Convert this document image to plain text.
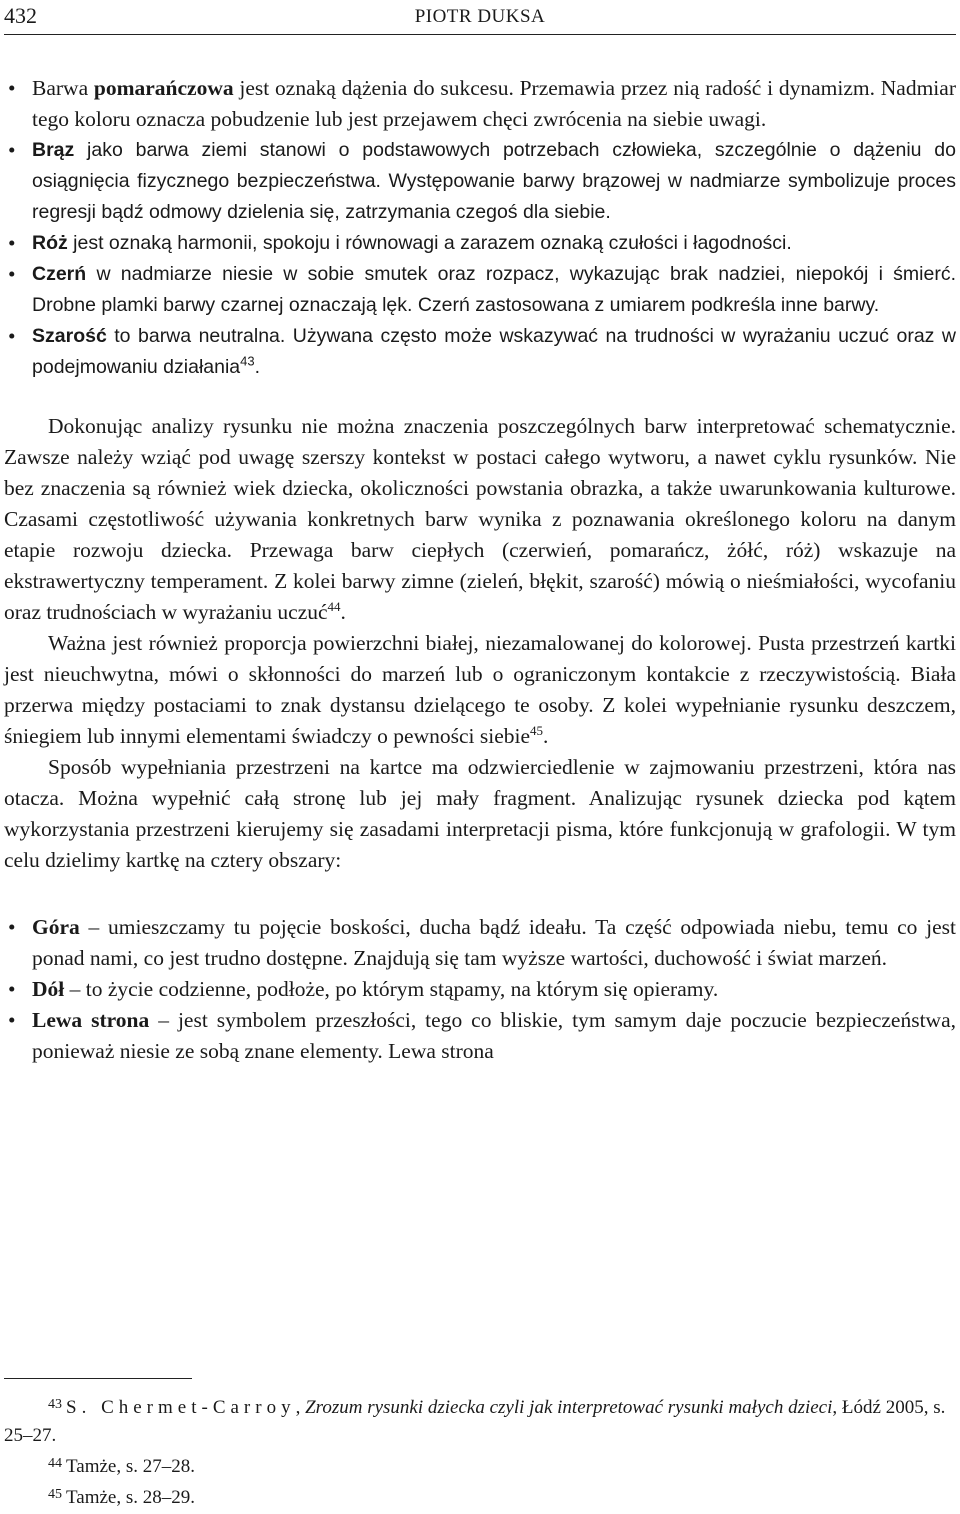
432	PIOTR DUKSA
• Barwa pomarańczowa jest oznaką dążenia do sukcesu. Przemawia przez nią radość i dynamizm. Nadmiar tego koloru oznacza pobudzenie lub jest przejawem chęci zwrócenia na siebie uwagi.
• Brąz jako barwa ziemi stanowi o podstawowych potrzebach człowieka, szczególnie o dążeniu do osiągnięcia fizycznego bezpieczeństwa. Występowanie barwy brązowej w nadmiarze symbolizuje proces regresji bądź odmowy dzielenia się, zatrzymania czegoś dla siebie.
• Róż jest oznaką harmonii, spokoju i równowagi a zarazem oznaką czułości i łagodności.
• Czerń w nadmiarze niesie w sobie smutek oraz rozpacz, wykazując brak nadziei, niepokój i śmierć. Drobne plamki barwy czarnej oznaczają lęk. Czerń zastosowana z umiarem podkreśla inne barwy.
• Szarość to barwa neutralna. Używana często może wskazywać na trudności w wyrażaniu uczuć oraz w podejmowaniu działania$^{43}$.

Dokonując analizy rysunku nie można znaczenia poszczególnych barw interpretować schematycznie. Zawsze należy wziąć pod uwagę szerszy kontekst w postaci całego wytworu, a nawet cyklu rysunków. Nie bez znaczenia są również wiek dziecka, okoliczności powstania obrazka, a także uwarunkowania kulturowe. Czasami częstotliwość używania konkretnych barw wynika z poznawania określonego koloru na danym etapie rozwoju dziecka. Przewaga barw ciepłych (czerwień, pomarańcz, żółć, róż) wskazuje na ekstrawertyczny temperament. Z kolei barwy zimne (zieleń, błękit, szarość) mówią o nieśmiałości, wycofaniu oraz trudnościach w wyrażaniu uczuć$^{44}$.

Ważna jest również proporcja powierzchni białej, niezamalowanej do kolorowej. Pusta przestrzeń kartki jest nieuchwytna, mówi o skłonności do marzeń lub o ograniczonym kontakcie z rzeczywistością. Biała przerwa między postaciami to znak dystansu dzielącego te osoby. Z kolei wypełnianie rysunku deszczem, śniegiem lub innymi elementami świadczy o pewności siebie$^{45}$.

Sposób wypełniania przestrzeni na kartce ma odzwierciedlenie w zajmowaniu przestrzeni, która nas otacza. Można wypełnić całą stronę lub jej mały fragment. Analizując rysunek dziecka pod kątem wykorzystania przestrzeni kierujemy się zasadami interpretacji pisma, które funkcjonują w grafologii. W tym celu dzielimy kartkę na cztery obszary:

• Góra – umieszczamy tu pojęcie boskości, ducha bądź ideału. Ta część odpowiada niebu, temu co jest ponad nami, co jest trudno dostępne. Znajdują się tam wyższe wartości, duchowość i świat marzeń.
• Dół – to życie codzienne, podłoże, po którym stąpamy, na którym się opieramy.
• Lewa strona – jest symbolem przeszłości, tego co bliskie, tym samym daje poczucie bezpieczeństwa, ponieważ niesie ze sobą znane elementy. Lewa strona

$^{43}$ S. Chermet-Carroy, Zrozum rysunki dziecka czyli jak interpretować rysunki małych dzieci, Łódź 2005, s. 25–27.

$^{44}$ Tamże, s. 27–28.

$^{45}$ Tamże, s. 28–29.
